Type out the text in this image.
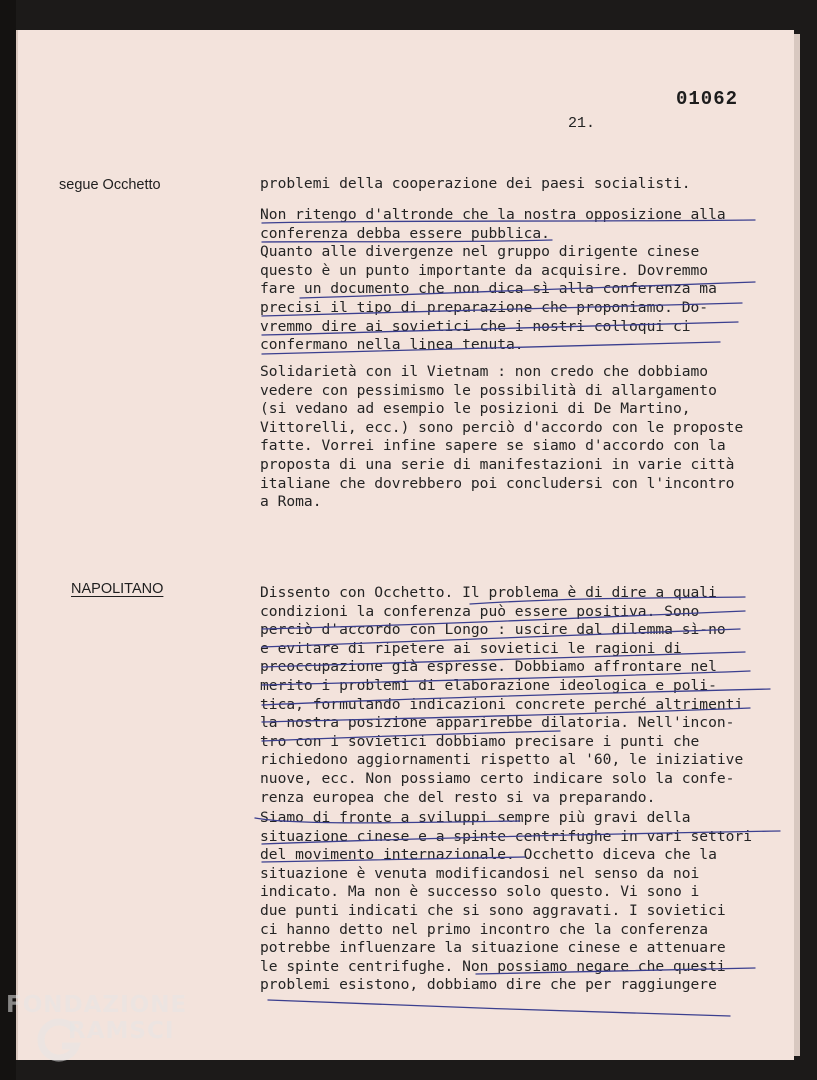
01062
21.
segue Occhetto	problemi della cooperazione dei paesi socialisti.
Non ritengo d'altronde che la nostra opposizione alla
conferenza debba essere pubblica.
Quanto alle divergenze nel gruppo dirigente cinese
questo è un punto importante da acquisire. Dovremmo
fare un documento che non dica sì alla conferenza ma
precisi il tipo di preparazione che proponiamo. Do-
vremmo dire ai sovietici che i nostri colloqui ci
confermano nella linea tenuta.
Solidarietà con il Vietnam : non credo che dobbiamo
vedere con pessimismo le possibilità di allargamento
(si vedano ad esempio le posizioni di De Martino,
Vittorelli, ecc.) sono perciò d'accordo con le proposte
fatte. Vorrei infine sapere se siamo d'accordo con la
proposta di una serie di manifestazioni in varie città
italiane che dovrebbero poi concludersi con l'incontro
a Roma.
NAPOLITANO	Dissento con Occhetto. Il problema è di dire a quali
condizioni la conferenza può essere positiva. Sono
perciò d'accordo con Longo : uscire dal dilemma sì-no
e evitare di ripetere ai sovietici le ragioni di
preoccupazione già espresse. Dobbiamo affrontare nel
merito i problemi di elaborazione ideologica e poli-
tica, formulando indicazioni concrete perché altrimenti
la nostra posizione apparirebbe dilatoria. Nell'incon-
tro con i sovietici dobbiamo precisare i punti che
richiedono aggiornamenti rispetto al '60, le iniziative
nuove, ecc. Non possiamo certo indicare solo la confe-
renza europea che del resto si va preparando.
Siamo di fronte a sviluppi sempre più gravi della
situazione cinese e a spinte centrifughe in vari settori
del movimento internazionale. Occhetto diceva che la
situazione è venuta modificandosi nel senso da noi
indicato. Ma non è successo solo questo. Vi sono i
due punti indicati che si sono aggravati. I sovietici
ci hanno detto nel primo incontro che la conferenza
potrebbe influenzare la situazione cinese e attenuare
le spinte centrifughe. Non possiamo negare che questi
problemi esistono, dobbiamo dire che per raggiungere
FONDAZIONE
RAMSCI
